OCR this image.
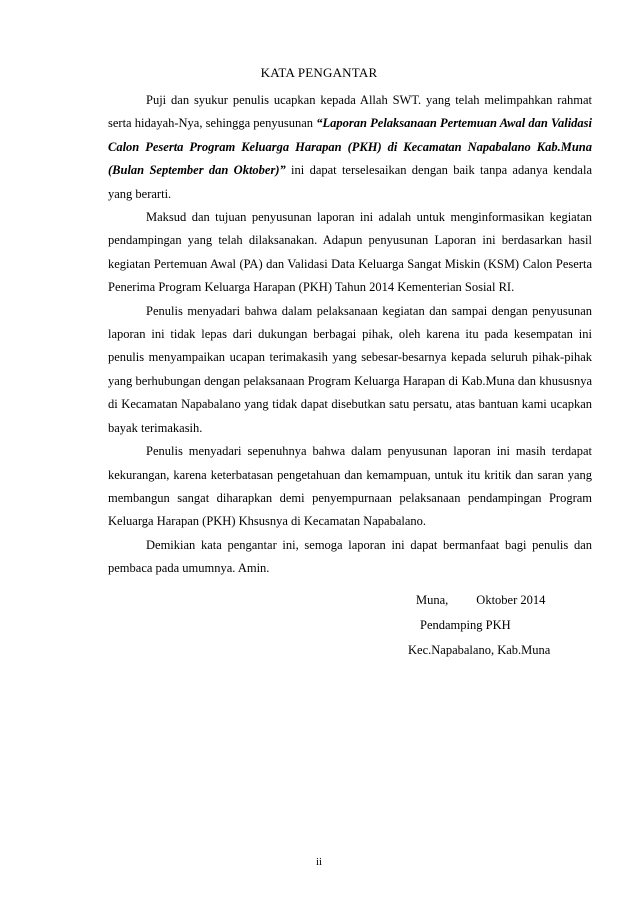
KATA PENGANTAR

Puji dan syukur penulis ucapkan kepada Allah SWT. yang telah melimpahkan rahmat serta hidayah-Nya, sehingga penyusunan “Laporan Pelaksanaan Pertemuan Awal dan Validasi Calon Peserta Program Keluarga Harapan (PKH) di Kecamatan Napabalano Kab.Muna (Bulan September dan Oktober)” ini dapat terselesaikan dengan baik tanpa adanya kendala yang berarti.

Maksud dan tujuan penyusunan laporan ini adalah untuk menginformasikan kegiatan pendampingan yang telah dilaksanakan. Adapun penyusunan Laporan ini berdasarkan hasil kegiatan Pertemuan Awal (PA) dan Validasi Data Keluarga Sangat Miskin (KSM) Calon Peserta Penerima Program Keluarga Harapan (PKH) Tahun 2014 Kementerian Sosial RI.

Penulis menyadari bahwa dalam pelaksanaan kegiatan dan sampai dengan penyusunan laporan ini tidak lepas dari dukungan berbagai pihak, oleh karena itu pada kesempatan ini penulis menyampaikan ucapan terimakasih yang sebesar-besarnya kepada seluruh pihak-pihak yang berhubungan dengan pelaksanaan Program Keluarga Harapan di Kab.Muna dan khususnya di Kecamatan Napabalano yang tidak dapat disebutkan satu persatu, atas bantuan kami ucapkan bayak terimakasih.

Penulis menyadari sepenuhnya bahwa dalam penyusunan laporan ini masih terdapat kekurangan, karena keterbatasan pengetahuan dan kemampuan, untuk itu kritik dan saran yang membangun sangat diharapkan demi penyempurnaan pelaksanaan pendampingan Program Keluarga Harapan (PKH) Khsusnya di Kecamatan Napabalano.

Demikian kata pengantar ini, semoga laporan ini dapat bermanfaat bagi penulis dan pembaca pada umumnya. Amin.

Muna, Oktober 2014
Pendamping PKH
Kec.Napabalano, Kab.Muna
ii
